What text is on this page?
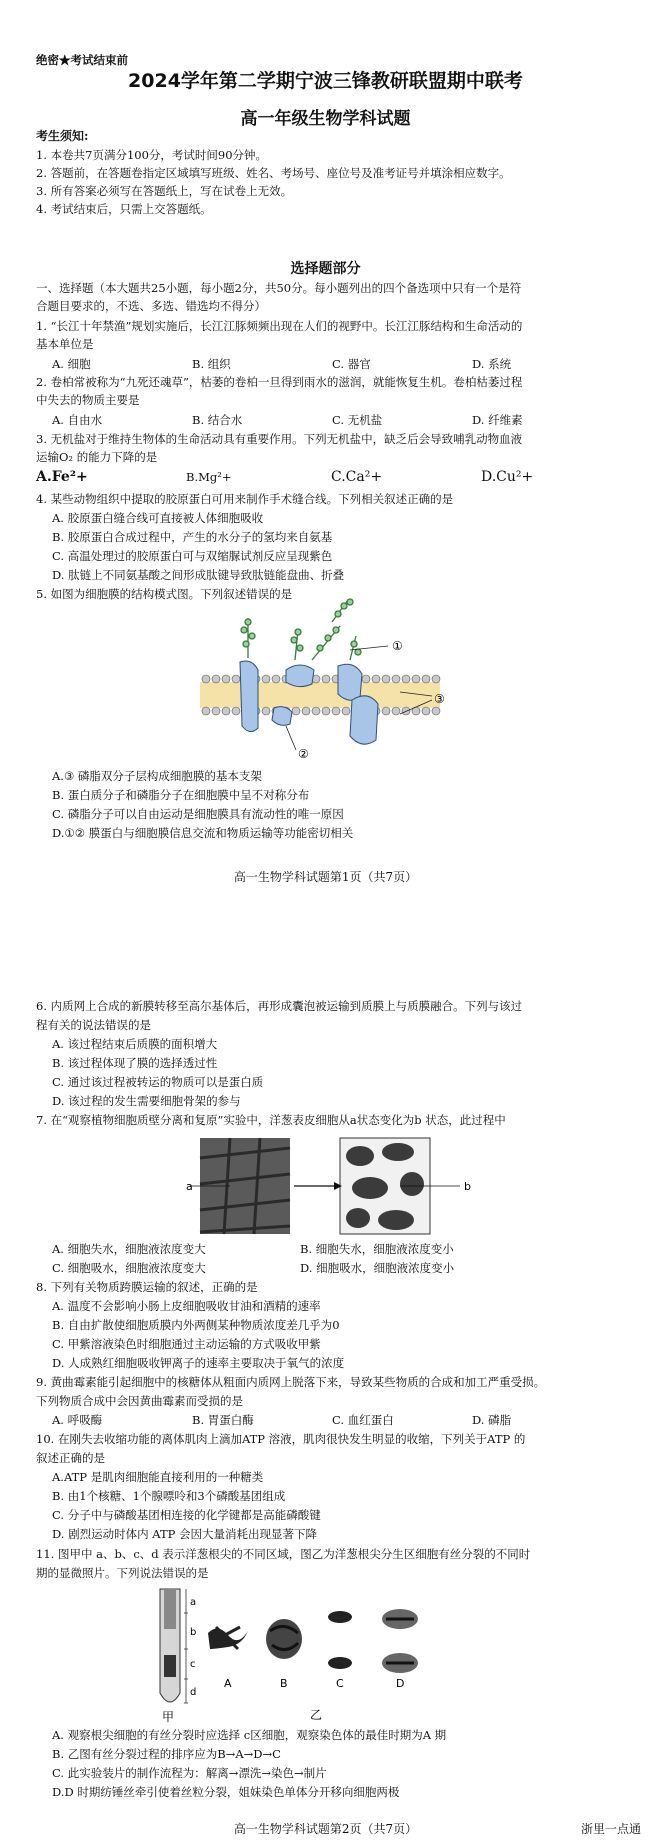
绝密★考试结束前
2024学年第二学期宁波三锋教研联盟期中联考
高一年级生物学科试题
考生须知:
1. 本卷共7页满分100分，考试时间90分钟。
2. 答题前，在答题卷指定区域填写班级、姓名、考场号、座位号及准考证号并填涂相应数字。
3. 所有答案必须写在答题纸上，写在试卷上无效。
4. 考试结束后，只需上交答题纸。
选择题部分
一、选择题（本大题共25小题，每小题2分，共50分。每小题列出的四个备选项中只有一个是符
合题目要求的，不选、多选、错选均不得分）
1. “长江十年禁渔”规划实施后，长江江豚频频出现在人们的视野中。长江江豚结构和生命活动的
基本单位是
A. 细胞	B. 组织	C. 器官	D. 系统
2. 卷柏常被称为“九死还魂草”，枯萎的卷柏一旦得到雨水的滋润，就能恢复生机。卷柏枯萎过程
中失去的物质主要是
A. 自由水	B. 结合水	C. 无机盐	D. 纤维素
3. 无机盐对于维持生物体的生命活动具有重要作用。下列无机盐中，缺乏后会导致哺乳动物血液
运输O₂ 的能力下降的是
A.Fe²+	B.Mg²+	C.Ca²+	D.Cu²+
4. 某些动物组织中提取的胶原蛋白可用来制作手术缝合线。下列相关叙述正确的是
A. 胶原蛋白缝合线可直接被人体细胞吸收
B. 胶原蛋白合成过程中，产生的水分子的氢均来自氨基
C. 高温处理过的胶原蛋白可与双缩脲试剂反应呈现紫色
D. 肽链上不同氨基酸之间形成肽键导致肽链能盘曲、折叠
5. 如图为细胞膜的结构模式图。下列叙述错误的是
①
③
②
A.③ 磷脂双分子层构成细胞膜的基本支架
B. 蛋白质分子和磷脂分子在细胞膜中呈不对称分布
C. 磷脂分子可以自由运动是细胞膜具有流动性的唯一原因
D.①② 膜蛋白与细胞膜信息交流和物质运输等功能密切相关
高一生物学科试题第1页（共7页）
6. 内质网上合成的新膜转移至高尔基体后，再形成囊泡被运输到质膜上与质膜融合。下列与该过
程有关的说法错误的是
A. 该过程结束后质膜的面积增大
B. 该过程体现了膜的选择透过性
C. 通过该过程被转运的物质可以是蛋白质
D. 该过程的发生需要细胞骨架的参与
7. 在“观察植物细胞质壁分离和复原”实验中，洋葱表皮细胞从a状态变化为b 状态，此过程中
a	b
A. 细胞失水，细胞液浓度变大	B. 细胞失水，细胞液浓度变小
C. 细胞吸水，细胞液浓度变大	D. 细胞吸水，细胞液浓度变小
8. 下列有关物质跨膜运输的叙述，正确的是
A. 温度不会影响小肠上皮细胞吸收甘油和酒精的速率
B. 自由扩散使细胞质膜内外两侧某种物质浓度差几乎为0
C. 甲紫溶液染色时细胞通过主动运输的方式吸收甲紫
D. 人成熟红细胞吸收钾离子的速率主要取决于氧气的浓度
9. 黄曲霉素能引起细胞中的核糖体从粗面内质网上脱落下来，导致某些物质的合成和加工严重受损。
下列物质合成中会因黄曲霉素而受损的是
A. 呼吸酶	B. 胃蛋白酶	C. 血红蛋白	D. 磷脂
10. 在刚失去收缩功能的离体肌肉上滴加ATP 溶液，肌肉很快发生明显的收缩，下列关于ATP 的
叙述正确的是
A.ATP 是肌肉细胞能直接利用的一种糖类
B. 由1个核糖、1个腺嘌呤和3个磷酸基团组成
C. 分子中与磷酸基团相连接的化学键都是高能磷酸键
D. 剧烈运动时体内 ATP 会因大量消耗出现显著下降
11. 图甲中 a、b、c、d 表示洋葱根尖的不同区域，图乙为洋葱根尖分生区细胞有丝分裂的不同时
期的显微照片。下列说法错误的是
a
b
c
d
甲
A	B	C	D
乙
A. 观察根尖细胞的有丝分裂时应选择 c区细胞，观察染色体的最佳时期为A 期
B. 乙图有丝分裂过程的排序应为B→A→D→C
C. 此实验装片的制作流程为：解离→漂洗→染色→制片
D.D 时期纺锤丝牵引使着丝粒分裂，姐妹染色单体分开移向细胞两极
高一生物学科试题第2页（共7页）	浙里一点通
